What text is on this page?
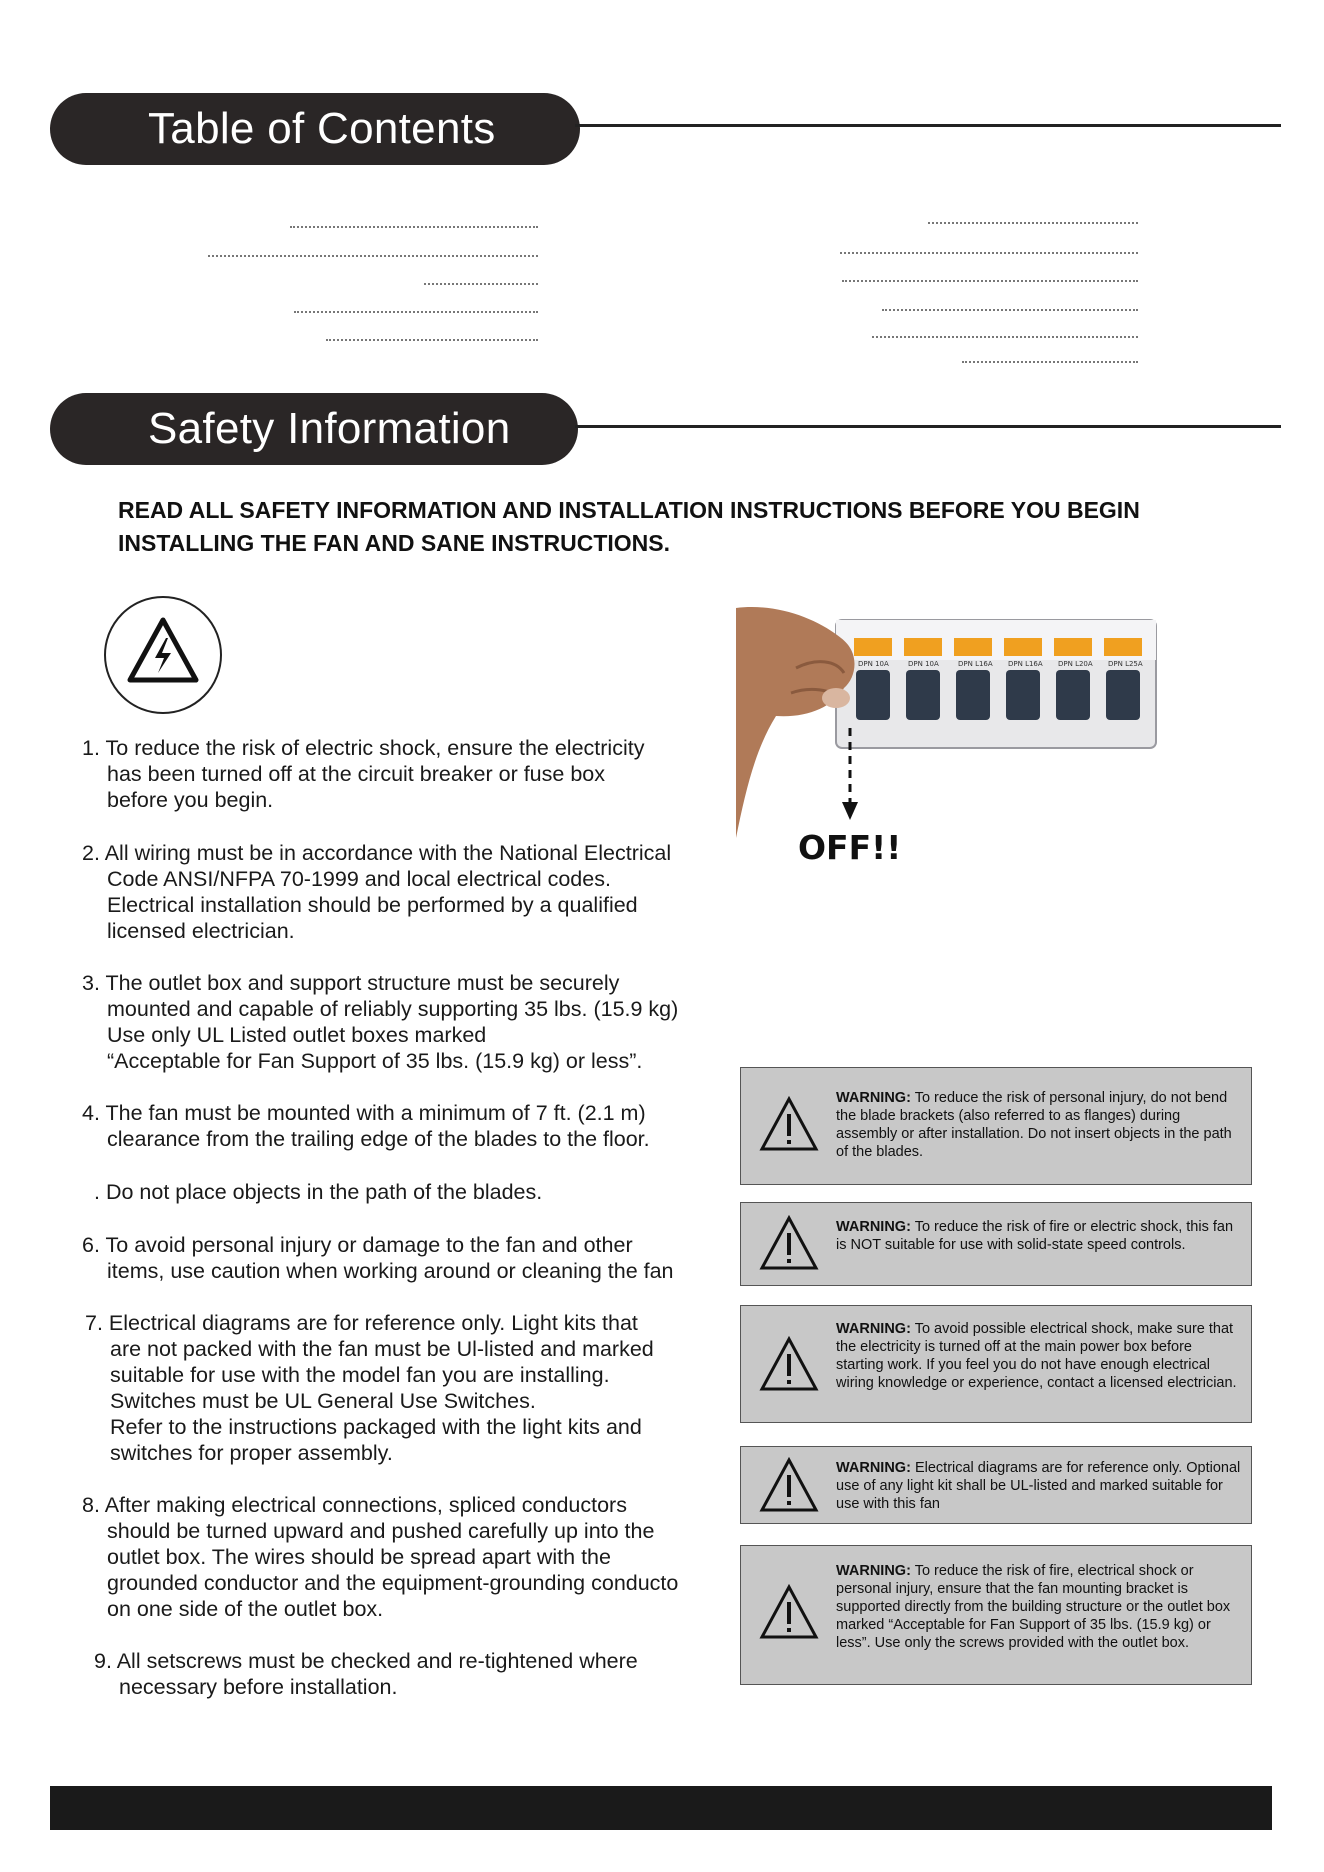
Table of Contents
Safety Information
READ ALL SAFETY INFORMATION AND INSTALLATION INSTRUCTIONS BEFORE YOU BEGIN
INSTALLING THE FAN AND SANE INSTRUCTIONS.
1. To reduce the risk of electric shock, ensure the electricity
has been turned off at the circuit breaker or fuse box
before you begin.
2. All wiring must be in accordance with the National Electrical
Code ANSI/NFPA 70-1999 and local electrical codes.
Electrical installation should be performed by a qualified
licensed electrician.
3. The outlet box and support structure must be securely
mounted and capable of reliably supporting 35 lbs. (15.9 kg)
Use only UL Listed outlet boxes marked
“Acceptable for Fan Support of 35 lbs. (15.9 kg) or less”.
4. The fan must be mounted with a minimum of 7 ft. (2.1 m)
clearance from the trailing edge of the blades to the floor.
. Do not place objects in the path of the blades.
6. To avoid personal injury or damage to the fan and other
items, use caution when working around or cleaning the fan
7. Electrical diagrams are for reference only. Light kits that
are not packed with the fan must be Ul-listed and marked
suitable for use with the model fan you are installing.
Switches must be UL General Use Switches.
Refer to the instructions packaged with the light kits and
switches for proper assembly.
8. After making electrical connections, spliced conductors
should be turned upward and pushed carefully up into the
outlet box. The wires should be spread apart with the
grounded conductor and the equipment-grounding conducto
on one side of the outlet box.
9. All setscrews must be checked and re-tightened where
necessary before installation.
DPN 10A	DPN 10A	DPN L16A DPN L16A DPN L20A DPN L25A
OFF!!
WARNING: To reduce the risk of personal injury, do not bend the blade brackets (also referred to as flanges) during assembly or after installation. Do not insert objects in the path of the blades.
WARNING: To reduce the risk of fire or electric shock, this fan is NOT suitable for use with solid-state speed controls.
WARNING: To avoid possible electrical shock, make sure that the electricity is turned off at the main power box before starting work. If you feel you do not have enough electrical wiring knowledge or experience, contact a licensed electrician.
WARNING: Electrical diagrams are for reference only. Optional use of any light kit shall be UL-listed and marked suitable for use with this fan
WARNING: To reduce the risk of fire, electrical shock or personal injury, ensure that the fan mounting bracket is supported directly from the building structure or the outlet box marked “Acceptable for Fan Support of 35 lbs. (15.9 kg) or less”. Use only the screws provided with the outlet box.
